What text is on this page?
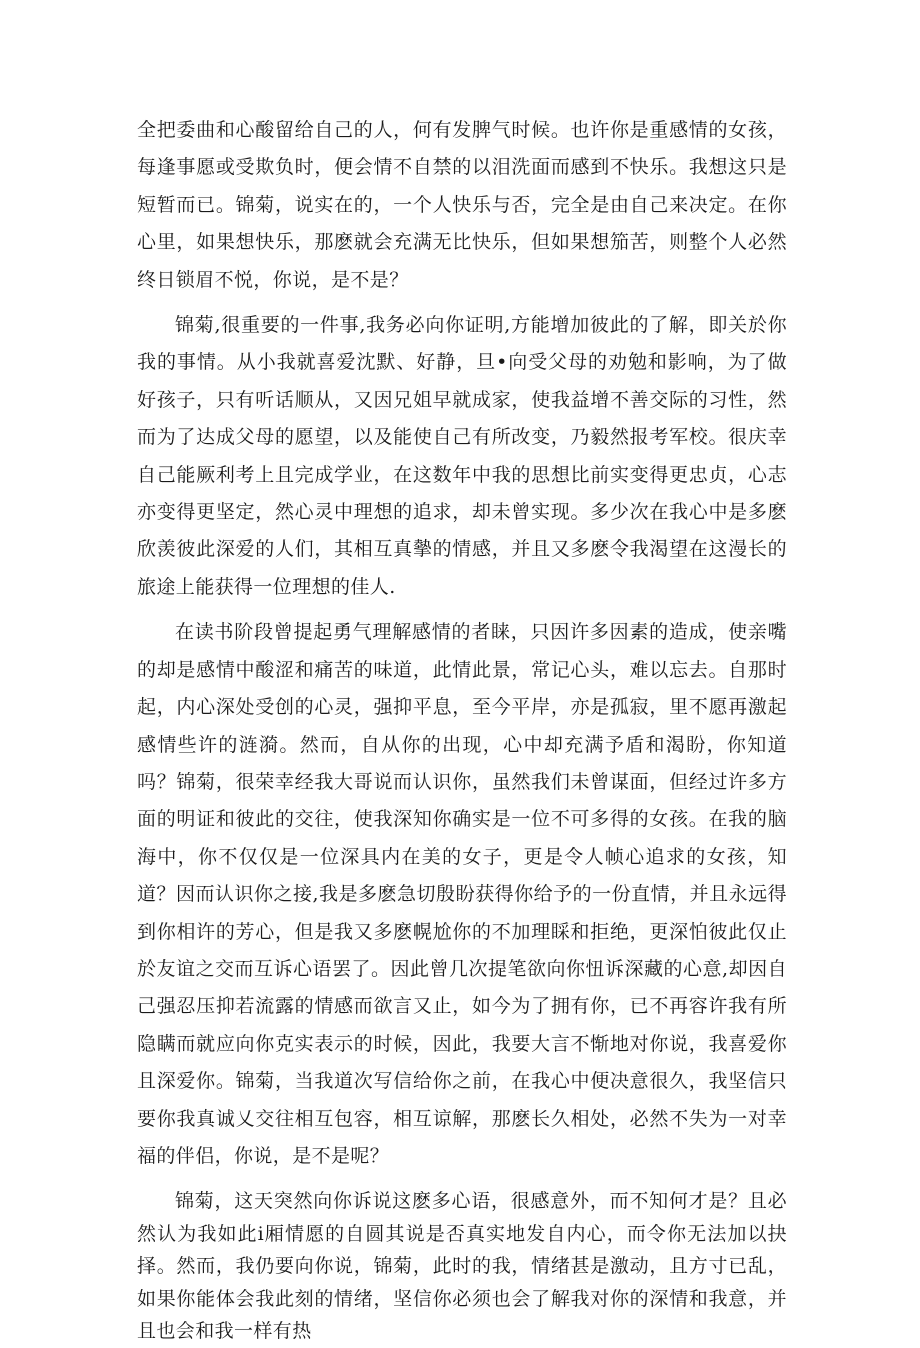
全把委曲和心酸留给自己的人，何有发脾气时候。也许你是重感情的女孩，每逢事愿或受欺负时，便会情不自禁的以泪洗面而感到不快乐。我想这只是短暂而已。锦菊，说实在的，一个人快乐与否，完全是由自己来决定。在你心里，如果想快乐，那麽就会充满无比快乐，但如果想笳苦，则整个人必然终日锁眉不悦，你说，是不是？

锦菊,很重要的一件事,我务必向你证明,方能增加彼此的了解，即关於你我的事情。从小我就喜爱沈默、好静，旦•向受父母的劝勉和影响，为了做好孩子，只有听话顺从，又因兄姐早就成家，使我益增不善交际的习性，然而为了达成父母的愿望，以及能使自己有所改变，乃毅然报考军校。很庆幸自己能厥利考上且完成学业，在这数年中我的思想比前实变得更忠贞，心志亦变得更坚定，然心灵中理想的追求，却未曾实现。多少次在我心中是多麽欣羡彼此深爱的人们，其相互真摰的情感，并且又多麽令我渴望在这漫长的旅途上能获得一位理想的佳人.

在读书阶段曾提起勇气理解感情的者睐，只因许多因素的造成，使亲嘴的却是感情中酸涩和痛苦的味道，此情此景，常记心头，难以忘去。自那时起，内心深处受创的心灵，强抑平息，至今平岸，亦是孤寂，里不愿再激起感情些许的涟漪。然而，自从你的出现，心中却充满予盾和渴盼，你知道吗？锦菊，很荣幸经我大哥说而认识你，虽然我们未曾谋面，但经过许多方面的明证和彼此的交往，使我深知你确实是一位不可多得的女孩。在我的脑海中，你不仅仅是一位深具内在美的女子，更是令人帧心追求的女孩，知道？因而认识你之接,我是多麽急切殷盼获得你给予的一份直情，并且永远得到你相许的芳心，但是我又多麽幌尬你的不加理睬和拒绝，更深怕彼此仅止於友谊之交而互诉心语罢了。因此曾几次提笔欲向你忸诉深藏的心意,却因自己强忍压抑若流露的情感而欲言又止，如今为了拥有你，已不再容许我有所隐瞒而就应向你克实表示的时候，因此，我要大言不惭地对你说，我喜爱你且深爱你。锦菊，当我道次写信给你之前，在我心中便决意很久，我坚信只要你我真诚乂交往相互包容，相互谅解，那麽长久相处，必然不失为一对幸福的伴侣，你说，是不是呢？

锦菊，这天突然向你诉说这麽多心语，很感意外，而不知何才是？且必然认为我如此i厢情愿的自圆其说是否真实地发自内心，而令你无法加以抉择。然而，我仍要向你说，锦菊，此时的我，情绪甚是激动，且方寸已乱，如果你能体会我此刻的情绪，坚信你必须也会了解我对你的深情和我意，并且也会和我一样有热
